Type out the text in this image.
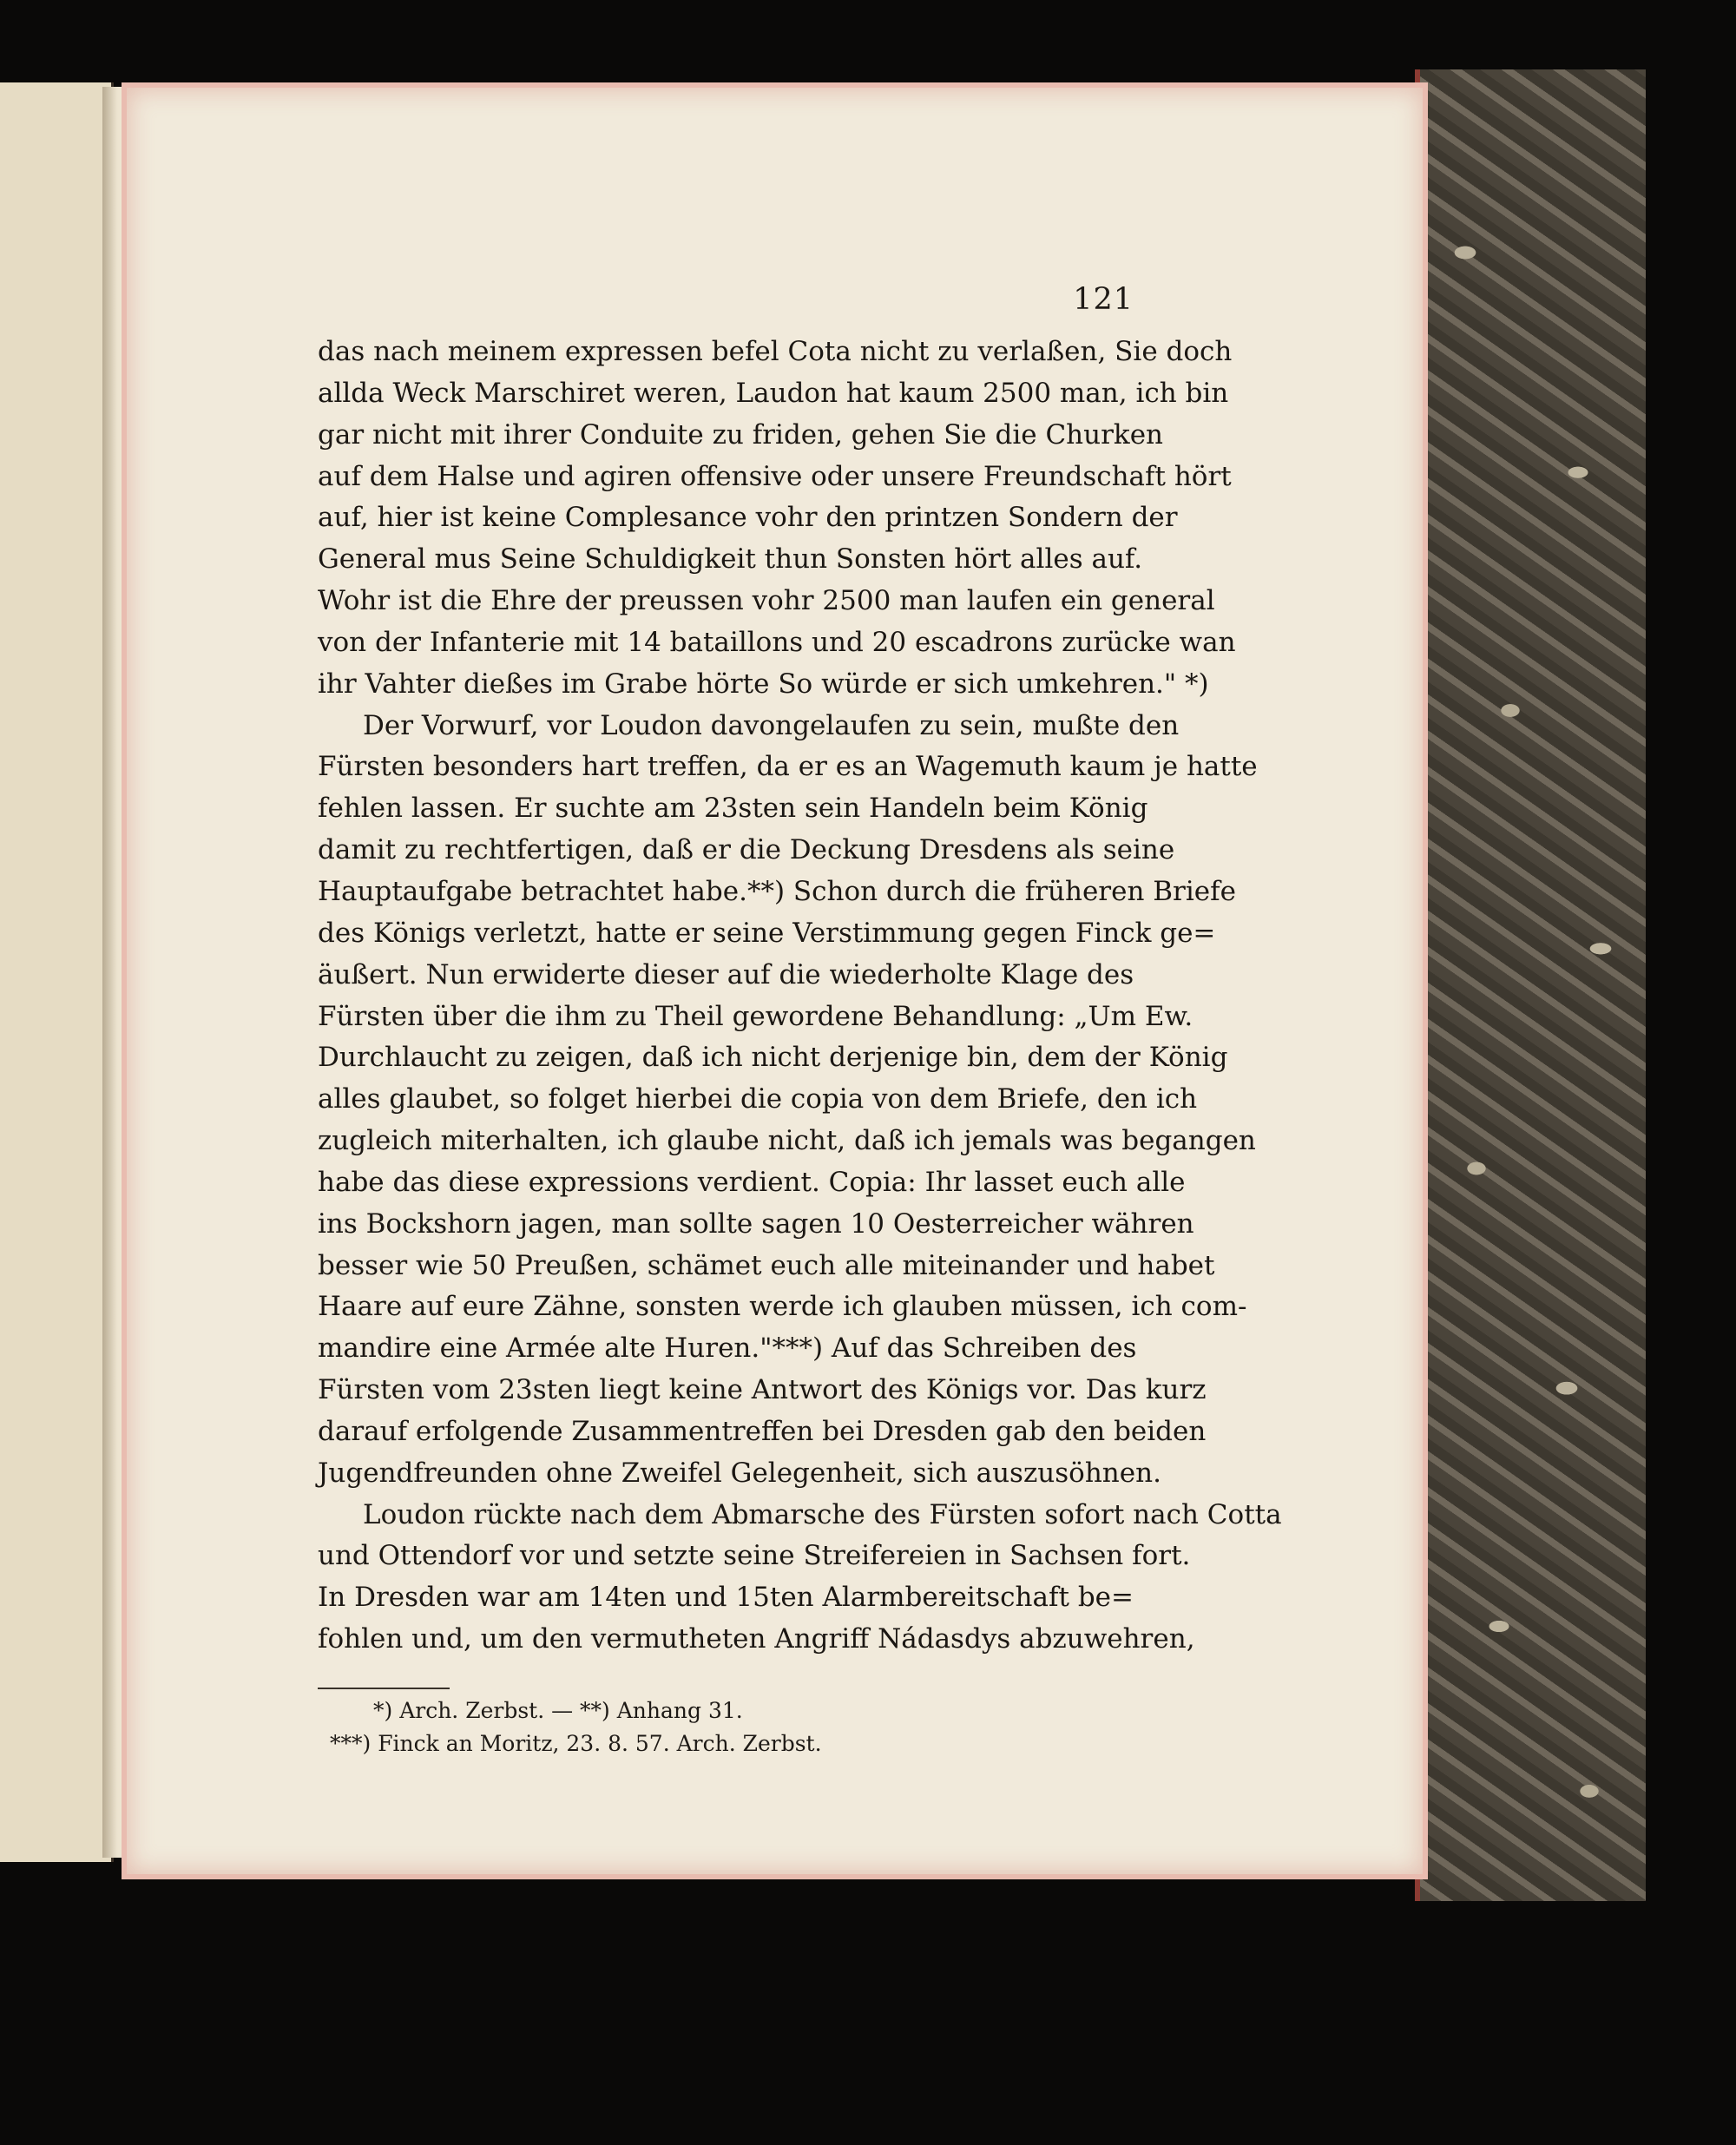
121
das nach meinem expressen befel Cota nicht zu verlaßen, Sie doch
allda Weck Marschiret weren, Laudon hat kaum 2500 man, ich bin
gar nicht mit ihrer Conduite zu friden, gehen Sie die Churken
auf dem Halse und agiren offensive oder unsere Freundschaft hört
auf, hier ist keine Complesance vohr den printzen Sondern der
General mus Seine Schuldigkeit thun Sonsten hört alles auf.
Wohr ist die Ehre der preussen vohr 2500 man laufen ein general
von der Infanterie mit 14 bataillons und 20 escadrons zurücke wan
ihr Vahter dießes im Grabe hörte So würde er sich umkehren." *)
Der Vorwurf, vor Loudon davongelaufen zu sein, mußte den
Fürsten besonders hart treffen, da er es an Wagemuth kaum je hatte
fehlen lassen. Er suchte am 23sten sein Handeln beim König
damit zu rechtfertigen, daß er die Deckung Dresdens als seine
Hauptaufgabe betrachtet habe.**) Schon durch die früheren Briefe
des Königs verletzt, hatte er seine Verstimmung gegen Finck ge=
äußert. Nun erwiderte dieser auf die wiederholte Klage des
Fürsten über die ihm zu Theil gewordene Behandlung: „Um Ew.
Durchlaucht zu zeigen, daß ich nicht derjenige bin, dem der König
alles glaubet, so folget hierbei die copia von dem Briefe, den ich
zugleich miterhalten, ich glaube nicht, daß ich jemals was begangen
habe das diese expressions verdient. Copia: Ihr lasset euch alle
ins Bockshorn jagen, man sollte sagen 10 Oesterreicher währen
besser wie 50 Preußen, schämet euch alle miteinander und habet
Haare auf eure Zähne, sonsten werde ich glauben müssen, ich com-
mandire eine Armée alte Huren."***) Auf das Schreiben des
Fürsten vom 23sten liegt keine Antwort des Königs vor. Das kurz
darauf erfolgende Zusammentreffen bei Dresden gab den beiden
Jugendfreunden ohne Zweifel Gelegenheit, sich auszusöhnen.
Loudon rückte nach dem Abmarsche des Fürsten sofort nach Cotta
und Ottendorf vor und setzte seine Streifereien in Sachsen fort.
In Dresden war am 14ten und 15ten Alarmbereitschaft be=
fohlen und, um den vermutheten Angriff Nádasdys abzuwehren,
*) Arch. Zerbst. — **) Anhang 31.
***) Finck an Moritz, 23. 8. 57. Arch. Zerbst.
